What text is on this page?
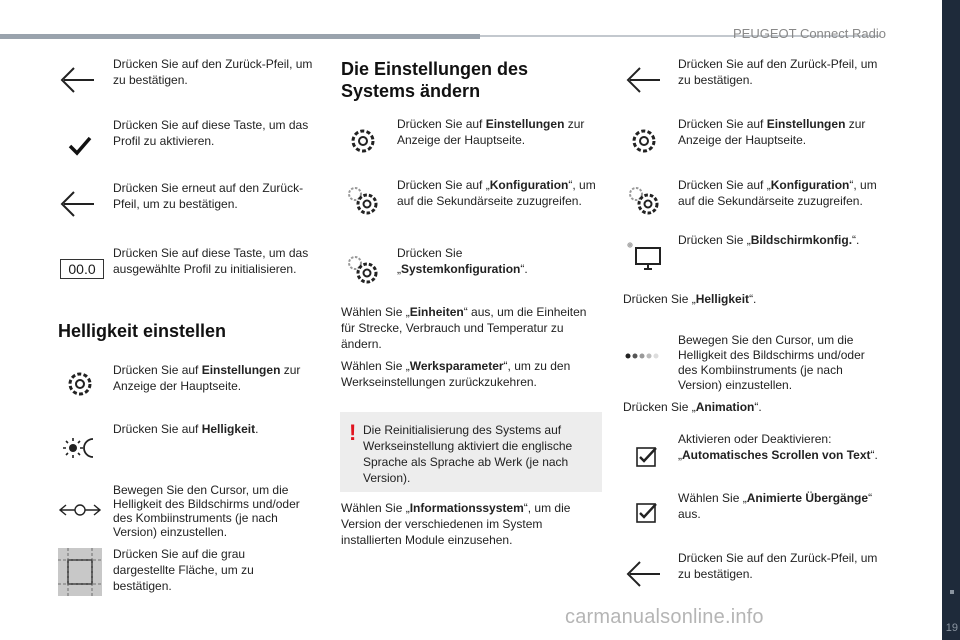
PEUGEOT Connect Radio
19
Drücken Sie auf den Zurück-Pfeil, um zu bestätigen.
Drücken Sie auf diese Taste, um das Profil zu aktivieren.
Drücken Sie erneut auf den Zurück-Pfeil, um zu bestätigen.
00.0
Drücken Sie auf diese Taste, um das ausgewählte Profil zu initialisieren.
Helligkeit einstellen
Drücken Sie auf Einstellungen zur Anzeige der Hauptseite.
Drücken Sie auf Helligkeit.
Bewegen Sie den Cursor, um die Helligkeit des Bildschirms und/oder des Kombiinstruments (je nach Version) einzustellen.
Drücken Sie auf die grau dargestellte Fläche, um zu bestätigen.
Die Einstellungen des Systems ändern
Drücken Sie auf Einstellungen zur Anzeige der Hauptseite.
Drücken Sie auf „Konfiguration“, um auf die Sekundärseite zuzugreifen.
Drücken Sie „Systemkonfiguration“.
Wählen Sie „Einheiten“ aus, um die Einheiten für Strecke, Verbrauch und Temperatur zu ändern.
Wählen Sie „Werksparameter“, um zu den Werkseinstellungen zurückzukehren.
! Die Reinitialisierung des Systems auf Werkseinstellung aktiviert die englische Sprache als Sprache ab Werk (je nach Version).
Wählen Sie „Informationssystem“, um die Version der verschiedenen im System installierten Module einzusehen.
Drücken Sie auf den Zurück-Pfeil, um zu bestätigen.
Drücken Sie auf Einstellungen zur Anzeige der Hauptseite.
Drücken Sie auf „Konfiguration“, um auf die Sekundärseite zuzugreifen.
Drücken Sie „Bildschirmkonfig.“.
Drücken Sie „Helligkeit“.
Bewegen Sie den Cursor, um die Helligkeit des Bildschirms und/oder des Kombiinstruments (je nach Version) einzustellen.
Drücken Sie „Animation“.
Aktivieren oder Deaktivieren: „Automatisches Scrollen von Text“.
Wählen Sie „Animierte Übergänge“ aus.
Drücken Sie auf den Zurück-Pfeil, um zu bestätigen.
carmanualsonline.info
